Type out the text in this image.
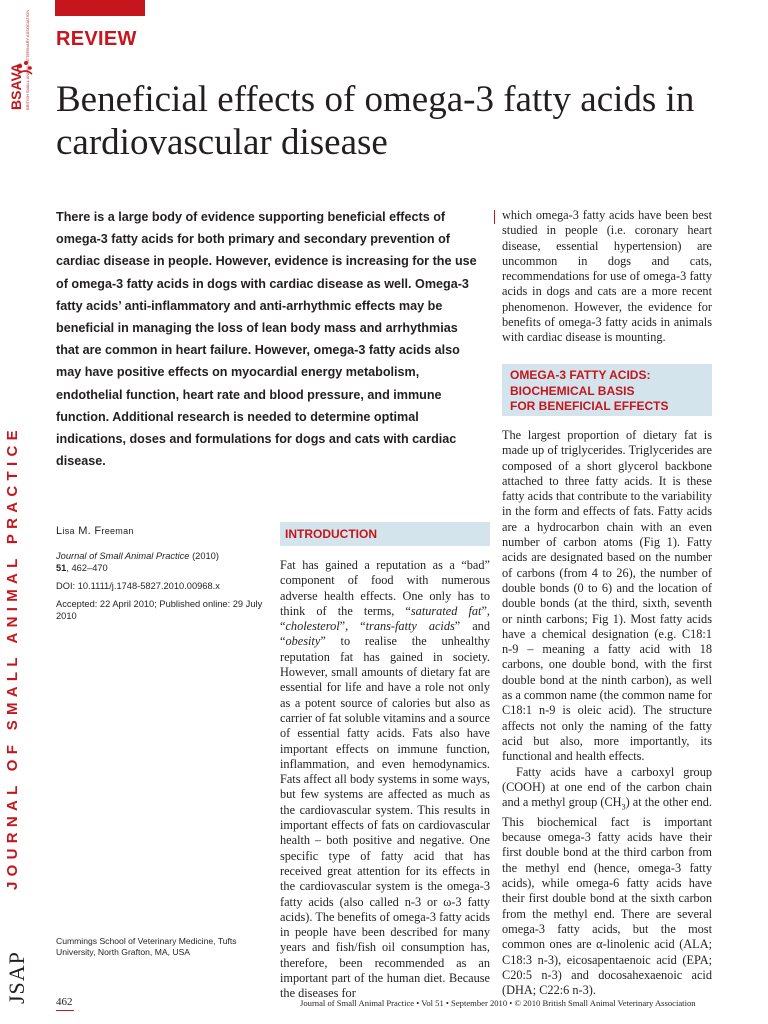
BSAVA BRITISH SMALL ANIMAL VETERINARY ASSOCIATION
JOURNAL OF SMALL ANIMAL PRACTICE
JSAP
REVIEW
Beneficial effects of omega-3 fatty acids in cardiovascular disease

There is a large body of evidence supporting beneficial effects of omega-3 fatty acids for both primary and secondary prevention of cardiac disease in people. However, evidence is increasing for the use of omega-3 fatty acids in dogs with cardiac disease as well. Omega-3 fatty acids’ anti-inflammatory and anti-arrhythmic effects may be beneficial in managing the loss of lean body mass and arrhythmias that are common in heart failure. However, omega-3 fatty acids also may have positive effects on myocardial energy metabolism, endothelial function, heart rate and blood pressure, and immune function. Additional research is needed to determine optimal indications, doses and formulations for dogs and cats with cardiac disease.

Lisa M. Freeman
Journal of Small Animal Practice (2010)
51, 462–470
DOI: 10.1111/j.1748-5827.2010.00968.x
Accepted: 22 April 2010; Published online: 29 July 2010
Cummings School of Veterinary Medicine, Tufts University, North Grafton, MA, USA
INTRODUCTION

Fat has gained a reputation as a “bad” component of food with numerous adverse health effects. One only has to think of the terms, “saturated fat”, “cholesterol”, “trans-fatty acids” and “obesity” to realise the unhealthy reputation fat has gained in society. However, small amounts of dietary fat are essential for life and have a role not only as a potent source of calories but also as carrier of fat soluble vitamins and a source of essential fatty acids. Fats also have important effects on immune function, inflammation, and even hemodynamics. Fats affect all body systems in some ways, but few systems are affected as much as the cardiovascular system. This results in important effects of fats on cardiovascular health – both positive and negative. One specific type of fatty acid that has received great attention for its effects in the cardiovascular system is the omega-3 fatty acids (also called n-3 or ω-3 fatty acids). The benefits of omega-3 fatty acids in people have been described for many years and fish/fish oil consumption has, therefore, been recommended as an important part of the human diet. Because the diseases for

which omega-3 fatty acids have been best studied in people (i.e. coronary heart disease, essential hypertension) are uncommon in dogs and cats, recommendations for use of omega-3 fatty acids in dogs and cats are a more recent phenomenon. However, the evidence for benefits of omega-3 fatty acids in animals with cardiac disease is mounting.

OMEGA-3 FATTY ACIDS:
BIOCHEMICAL BASIS
FOR BENEFICIAL EFFECTS

The largest proportion of dietary fat is made up of triglycerides. Triglycerides are composed of a short glycerol backbone attached to three fatty acids. It is these fatty acids that contribute to the variability in the form and effects of fats. Fatty acids are a hydrocarbon chain with an even number of carbon atoms (Fig 1). Fatty acids are designated based on the number of carbons (from 4 to 26), the number of double bonds (0 to 6) and the location of double bonds (at the third, sixth, seventh or ninth carbons; Fig 1). Most fatty acids have a chemical designation (e.g. C18:1 n-9 – meaning a fatty acid with 18 carbons, one double bond, with the first double bond at the ninth carbon), as well as a common name (the common name for C18:1 n-9 is oleic acid). The structure affects not only the naming of the fatty acid but also, more importantly, its functional and health effects.

Fatty acids have a carboxyl group (COOH) at one end of the carbon chain and a methyl group $(CH_3)$ at the other end. This biochemical fact is important because omega-3 fatty acids have their first double bond at the third carbon from the methyl end (hence, omega-3 fatty acids), while omega-6 fatty acids have their first double bond at the sixth carbon from the methyl end. There are several omega-3 fatty acids, but the most common ones are α-linolenic acid (ALA; C18:3 n-3), eicosapentaenoic acid (EPA; C20:5 n-3) and docosahexaenoic acid (DHA; C22:6 n-3).

462	Journal of Small Animal Practice • Vol 51 • September 2010 • © 2010 British Small Animal Veterinary Association
